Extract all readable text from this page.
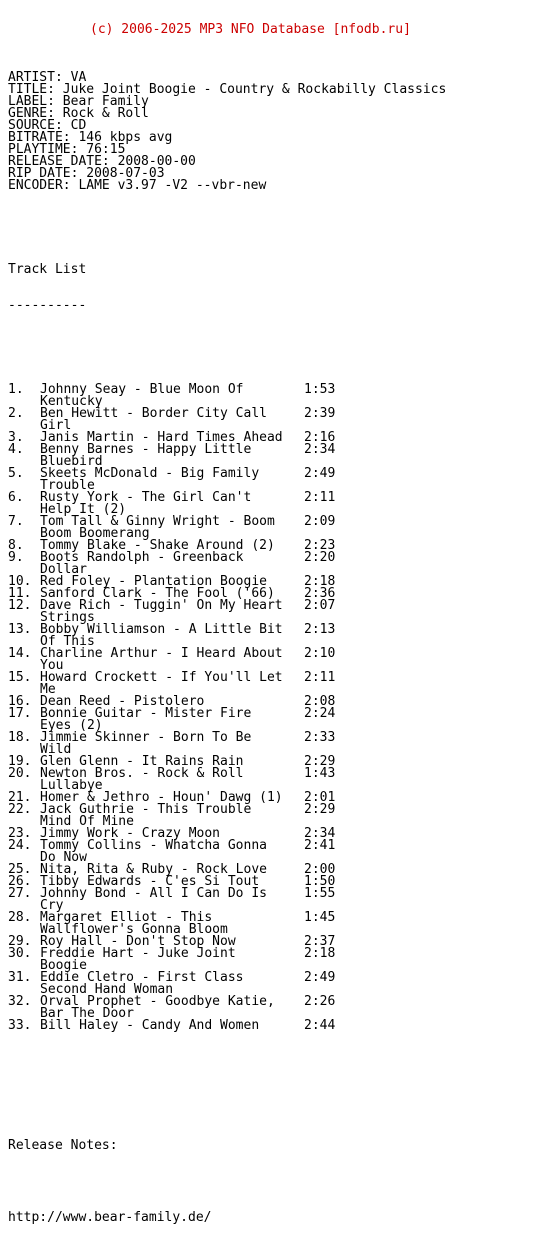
(c) 2006-2025 MP3 NFO Database [nfodb.ru]

ARTIST: VA
TITLE: Juke Joint Boogie - Country & Rockabilly Classics
LABEL: Bear Family
GENRE: Rock & Roll
SOURCE: CD
BITRATE: 146 kbps avg
PLAYTIME: 76:15
RELEASE DATE: 2008-00-00
RIP DATE: 2008-07-03
ENCODER: LAME v3.97 -V2 --vbr-new

Track List

----------

1. Johnny Seay - Blue Moon Of	1:53
Kentucky
2. Ben Hewitt - Border City Call	2:39
Girl
3. Janis Martin - Hard Times Ahead 2:16
4. Benny Barnes - Happy Little	2:34
Bluebird
5. Skeets McDonald - Big Family	2:49
Trouble
6. Rusty York - The Girl Can't	2:11
Help It (2)
7. Tom Tall & Ginny Wright - Boom 2:09
Boom Boomerang
8. Tommy Blake - Shake Around (2) 2:23
9. Boots Randolph - Greenback	2:20
Dollar
10. Red Foley - Plantation Boogie	2:18
11. Sanford Clark - The Fool ('66) 2:36
12. Dave Rich - Tuggin' On My Heart 2:07
Strings
13. Bobby Williamson - A Little Bit 2:13
Of This
14. Charline Arthur - I Heard About 2:10
You
15. Howard Crockett - If You'll Let 2:11
Me
16. Dean Reed - Pistolero	2:08
17. Bonnie Guitar - Mister Fire	2:24
Eyes (2)
18. Jimmie Skinner - Born To Be	2:33
Wild
19. Glen Glenn - It Rains Rain	2:29
20. Newton Bros. - Rock & Roll	1:43
Lullabye
21. Homer & Jethro - Houn' Dawg (1) 2:01
22. Jack Guthrie - This Trouble	2:29
Mind Of Mine
23. Jimmy Work - Crazy Moon	2:34
24. Tommy Collins - Whatcha Gonna	2:41
Do Now
25. Nita, Rita & Ruby - Rock Love	2:00
26. Tibby Edwards - C'es Si Tout	1:50
27. Johnny Bond - All I Can Do Is	1:55
Cry
28. Margaret Elliot - This	1:45
Wallflower's Gonna Bloom
29. Roy Hall - Don't Stop Now	2:37
30. Freddie Hart - Juke Joint	2:18
Boogie
31. Eddie Cletro - First Class	2:49
Second Hand Woman
32. Orval Prophet - Goodbye Katie, 2:26
Bar The Door
33. Bill Haley - Candy And Women	2:44

Release Notes:

http://www.bear-family.de/
